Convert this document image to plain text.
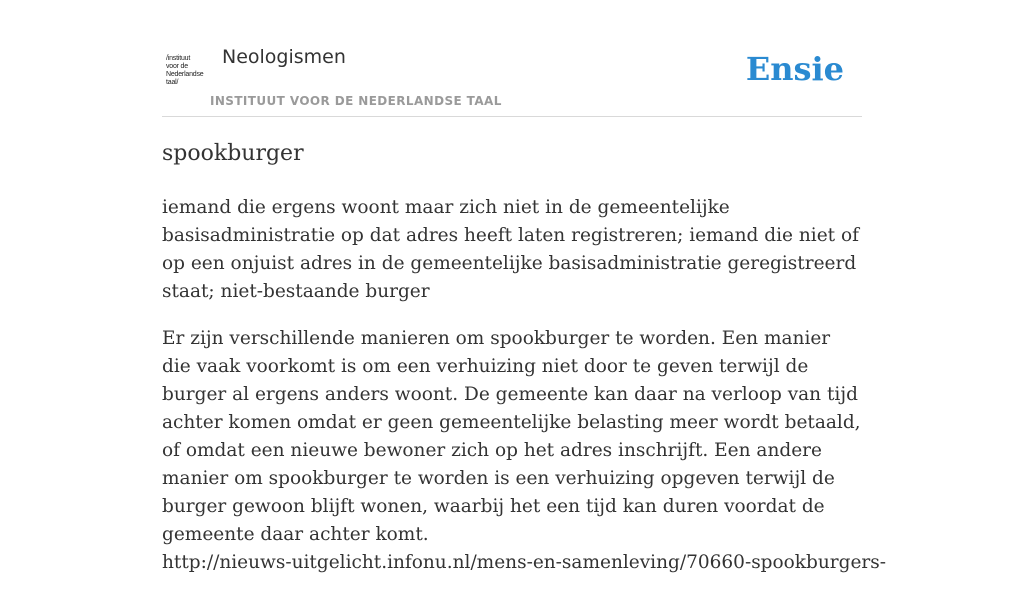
/instituut
voor de
Nederlandse
taal/
Neologismen
INSTITUUT VOOR DE NEDERLANDSE TAAL
Ensie
spookburger

iemand die ergens woont maar zich niet in de gemeentelijke basisadministratie op dat adres heeft laten registreren; iemand die niet of op een onjuist adres in de gemeentelijke basisadministratie geregistreerd staat; niet-bestaande burger

Er zijn verschillende manieren om spookburger te worden. Een manier die vaak voorkomt is om een verhuizing niet door te geven terwijl de burger al ergens anders woont. De gemeente kan daar na verloop van tijd achter komen omdat er geen gemeentelijke belasting meer wordt betaald, of omdat een nieuwe bewoner zich op het adres inschrijft. Een andere manier om spookburger te worden is een verhuizing opgeven terwijl de burger gewoon blijft wonen, waarbij het een tijd kan duren voordat de gemeente daar achter komt.
http://nieuws-uitgelicht.infonu.nl/mens-en-samenleving/70660-spookburgers-
